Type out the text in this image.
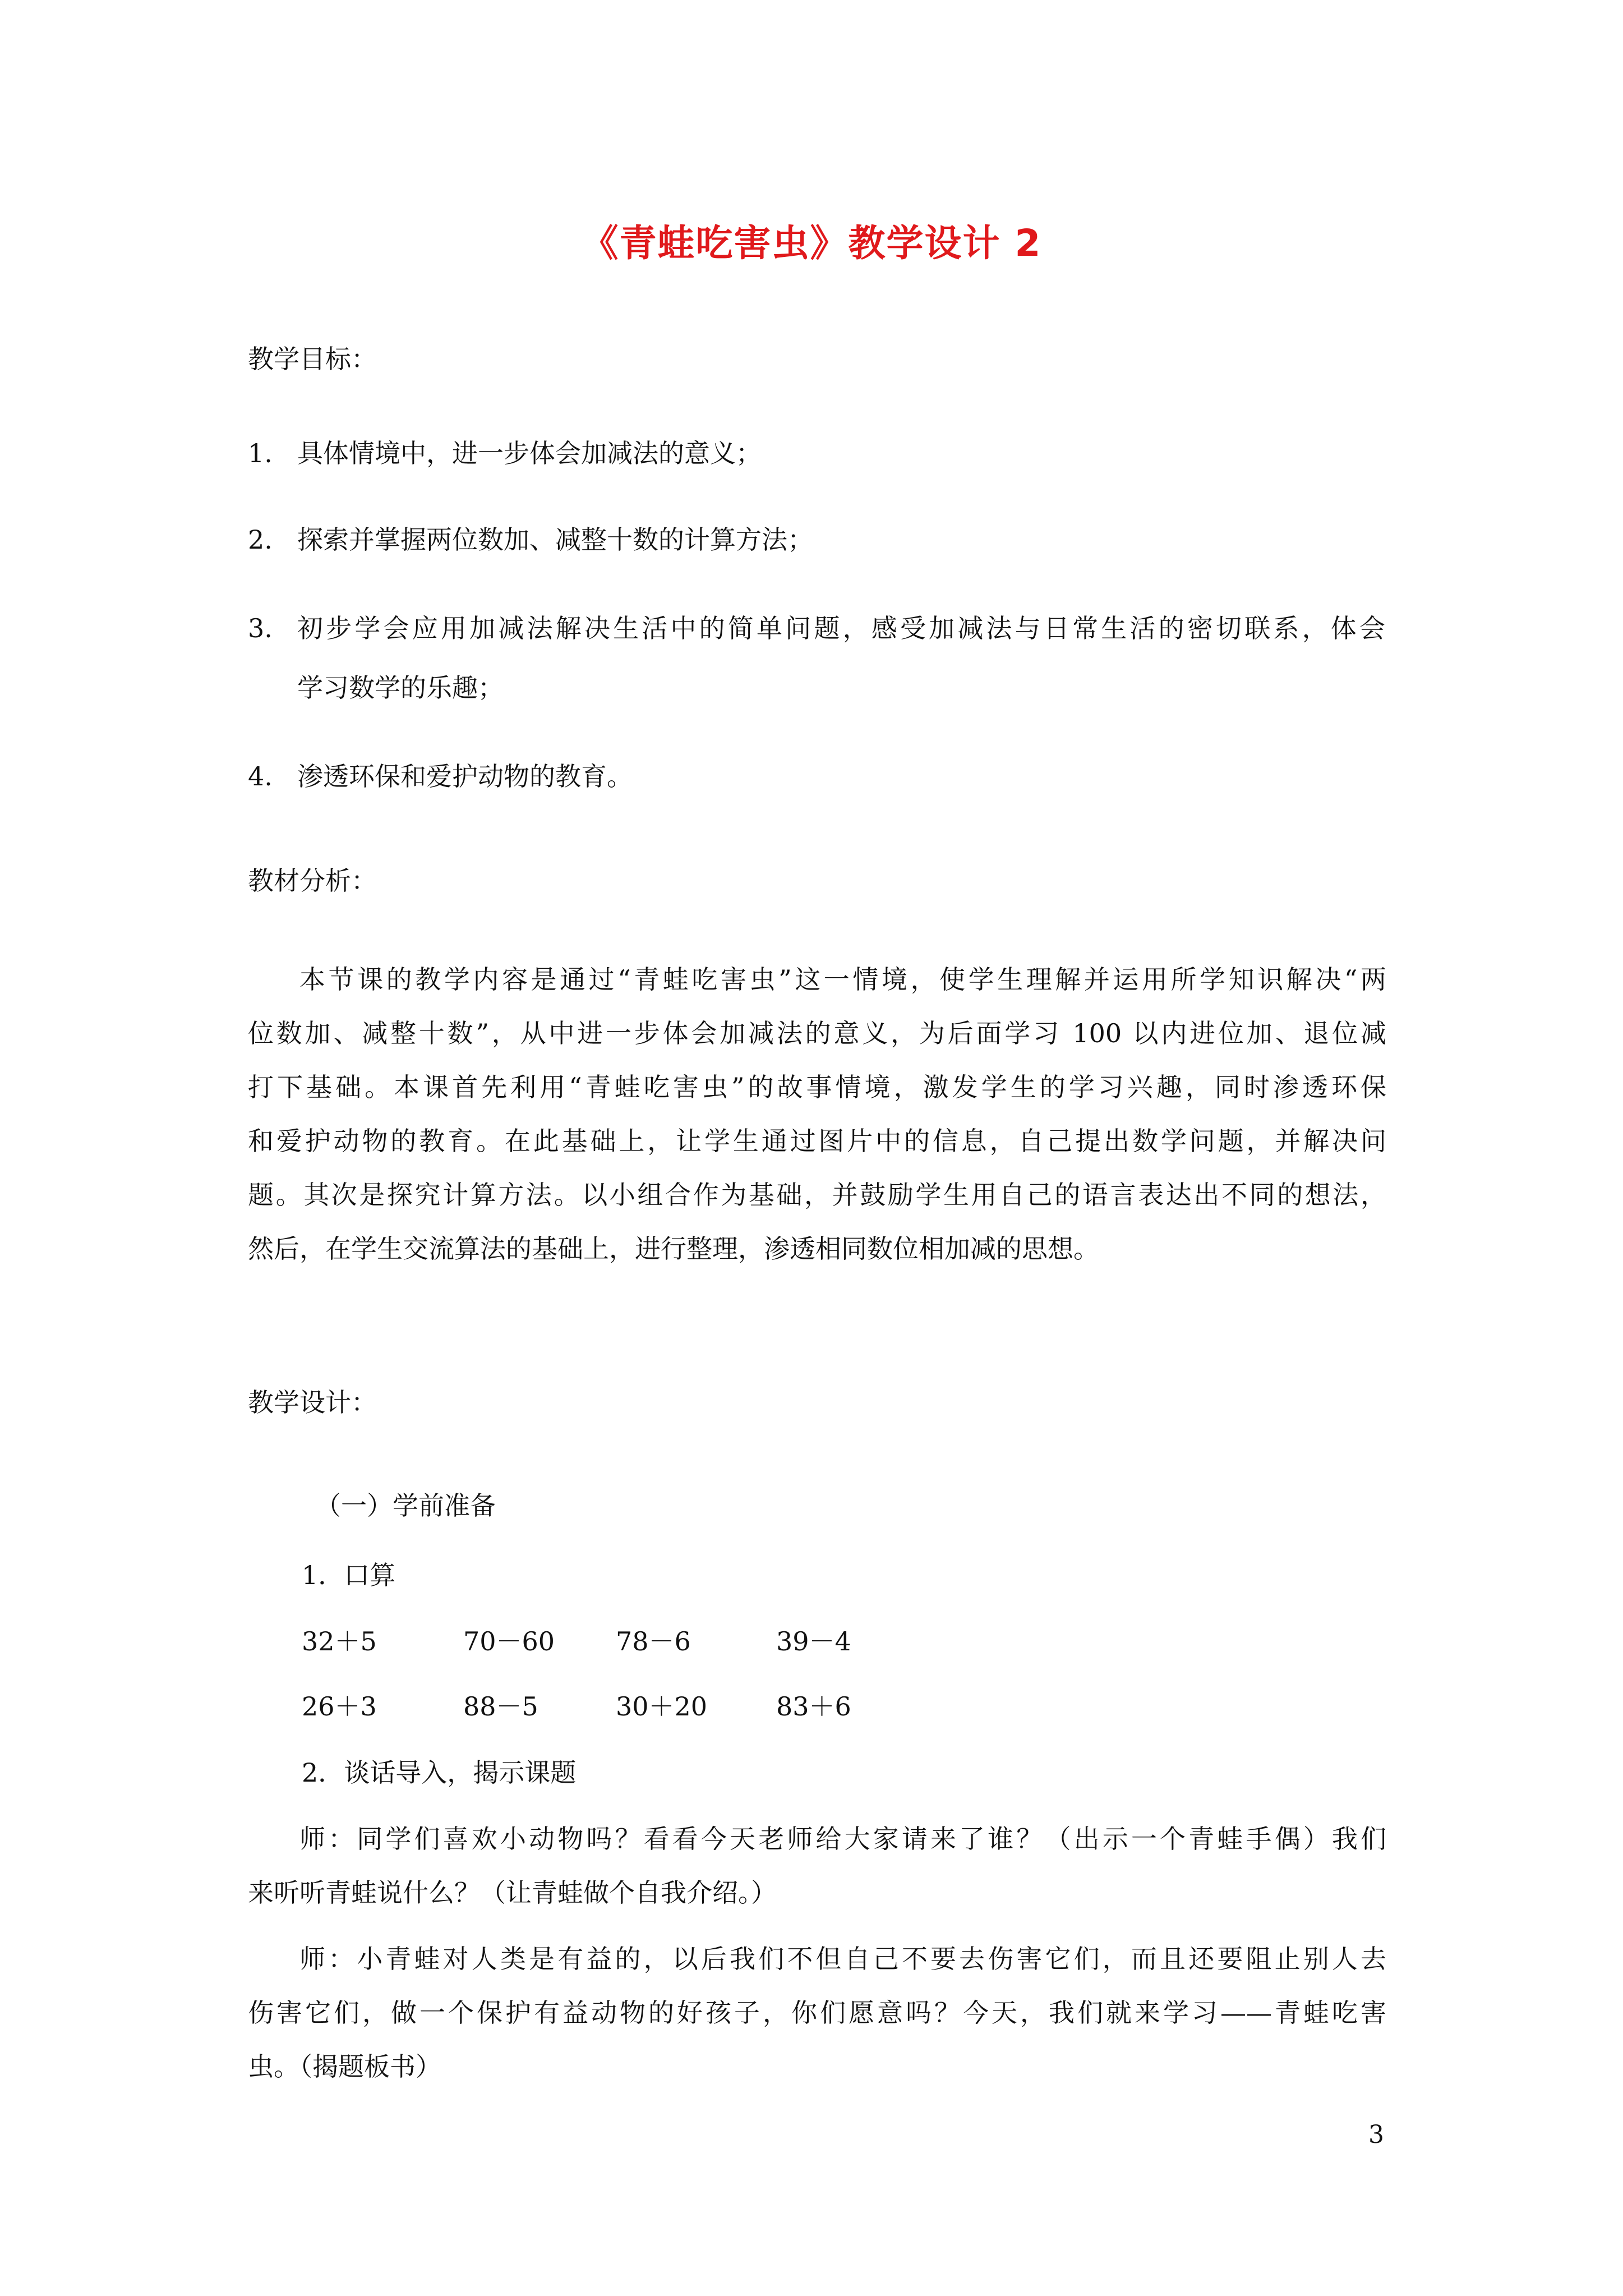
《青蛙吃害虫》教学设计 2
教学目标：
1. 具体情境中，进一步体会加减法的意义；
2. 探索并掌握两位数加、减整十数的计算方法；
3. 初步学会应用加减法解决生活中的简单问题，感受加减法与日常生活的密切联系，体会
学习数学的乐趣；
4. 渗透环保和爱护动物的教育。
教材分析：
本节课的教学内容是通过“青蛙吃害虫”这一情境，使学生理解并运用所学知识解决“两
位数加、减整十数”，从中进一步体会加减法的意义，为后面学习 100 以内进位加、退位减
打下基础。本课首先利用“青蛙吃害虫”的故事情境，激发学生的学习兴趣，同时渗透环保
和爱护动物的教育。在此基础上，让学生通过图片中的信息，自己提出数学问题，并解决问
题。其次是探究计算方法。以小组合作为基础，并鼓励学生用自己的语言表达出不同的想法，
然后，在学生交流算法的基础上，进行整理，渗透相同数位相加减的思想。
教学设计：
（一）学前准备
1．口算
32＋5	70－60 78－6	39－4
26＋3	88－5	30＋20	83＋6
2．谈话导入，揭示课题
师：同学们喜欢小动物吗？看看今天老师给大家请来了谁？（出示一个青蛙手偶）我们
来听听青蛙说什么？（让青蛙做个自我介绍。）
师：小青蛙对人类是有益的，以后我们不但自己不要去伤害它们，而且还要阻止别人去
伤害它们，做一个保护有益动物的好孩子，你们愿意吗？今天，我们就来学习——青蛙吃害
虫。（揭题板书）
3
